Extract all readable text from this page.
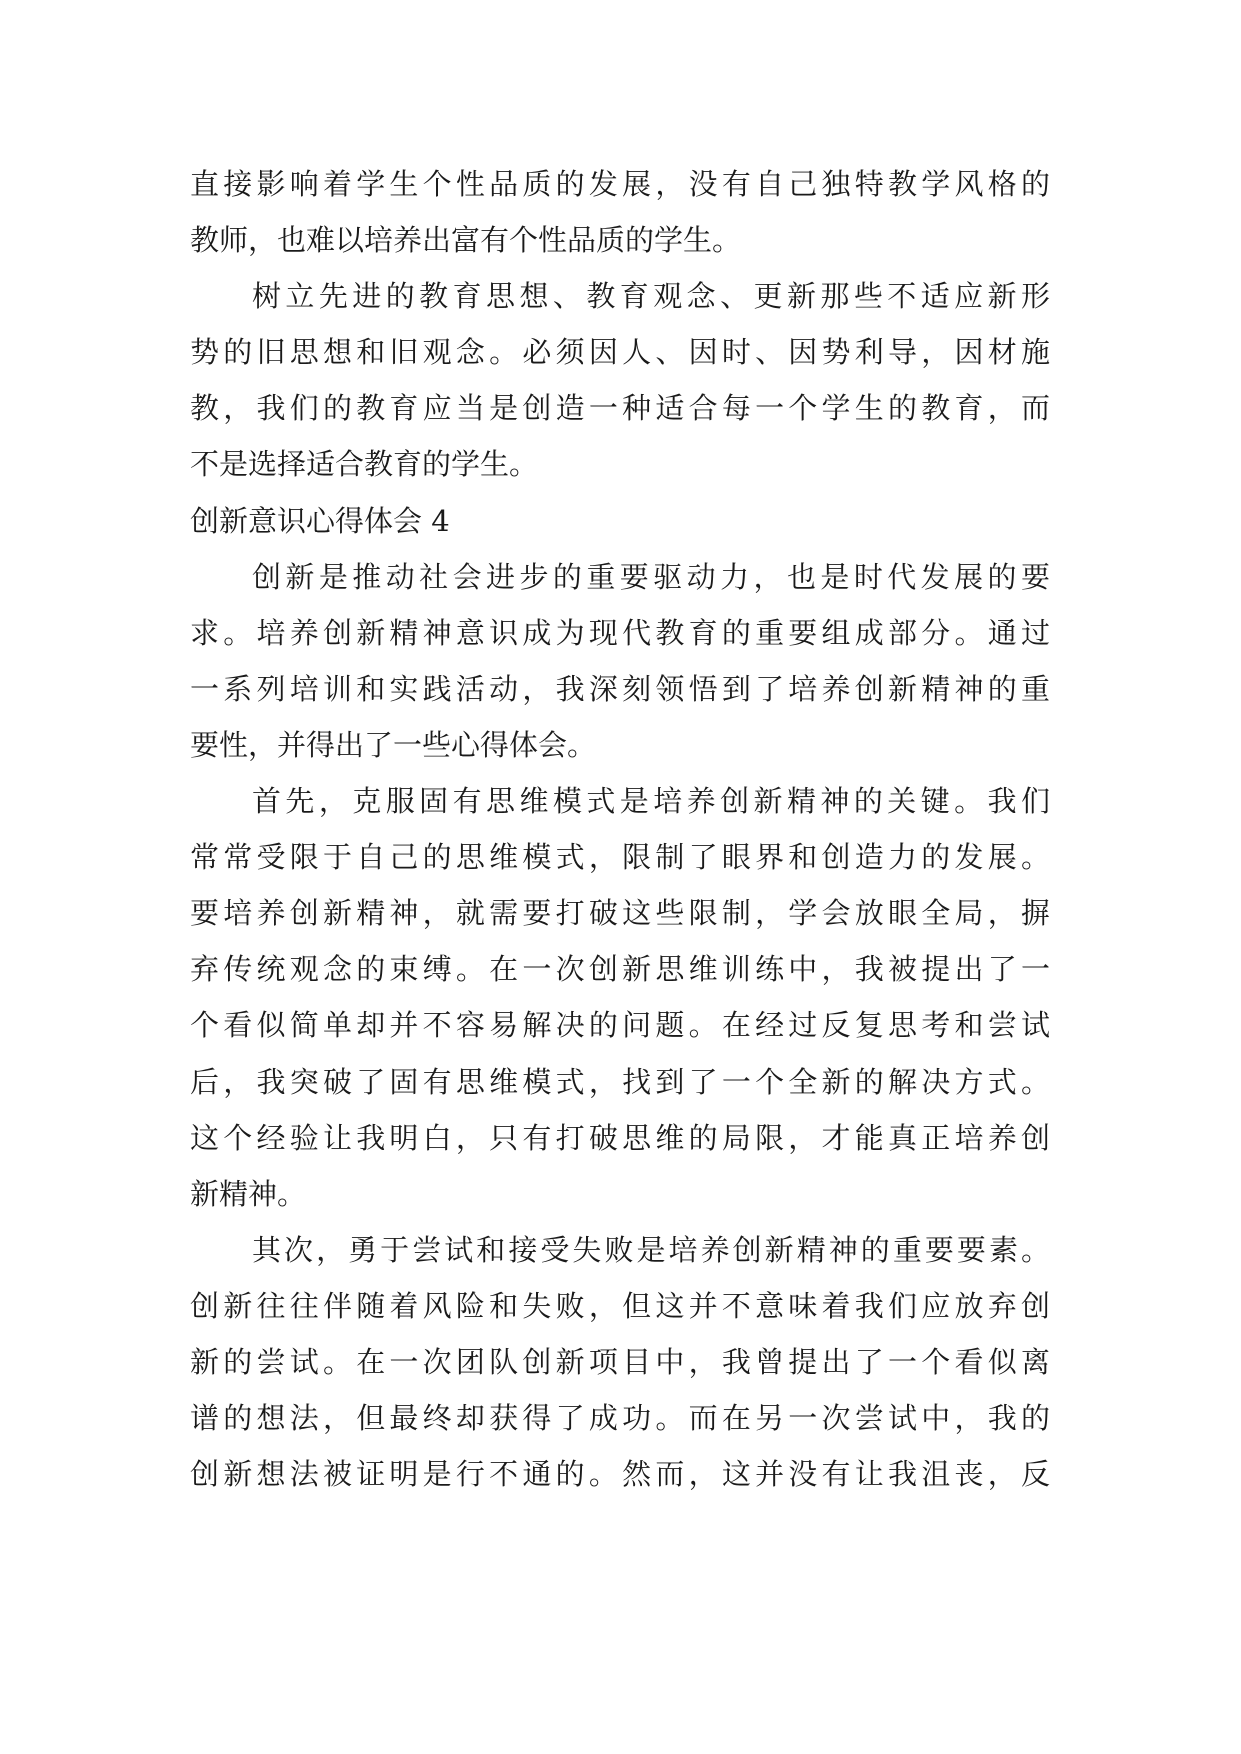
直接影响着学生个性品质的发展，没有自己独特教学风格的
教师，也难以培养出富有个性品质的学生。
树立先进的教育思想、教育观念、更新那些不适应新形
势的旧思想和旧观念。必须因人、因时、因势利导，因材施
教，我们的教育应当是创造一种适合每一个学生的教育，而
不是选择适合教育的学生。
创新意识心得体会 4
创新是推动社会进步的重要驱动力，也是时代发展的要
求。培养创新精神意识成为现代教育的重要组成部分。通过
一系列培训和实践活动，我深刻领悟到了培养创新精神的重
要性，并得出了一些心得体会。
首先，克服固有思维模式是培养创新精神的关键。我们
常常受限于自己的思维模式，限制了眼界和创造力的发展。
要培养创新精神，就需要打破这些限制，学会放眼全局，摒
弃传统观念的束缚。在一次创新思维训练中，我被提出了一
个看似简单却并不容易解决的问题。在经过反复思考和尝试
后，我突破了固有思维模式，找到了一个全新的解决方式。
这个经验让我明白，只有打破思维的局限，才能真正培养创
新精神。
其次，勇于尝试和接受失败是培养创新精神的重要要素。
创新往往伴随着风险和失败，但这并不意味着我们应放弃创
新的尝试。在一次团队创新项目中，我曾提出了一个看似离
谱的想法，但最终却获得了成功。而在另一次尝试中，我的
创新想法被证明是行不通的。然而，这并没有让我沮丧，反
